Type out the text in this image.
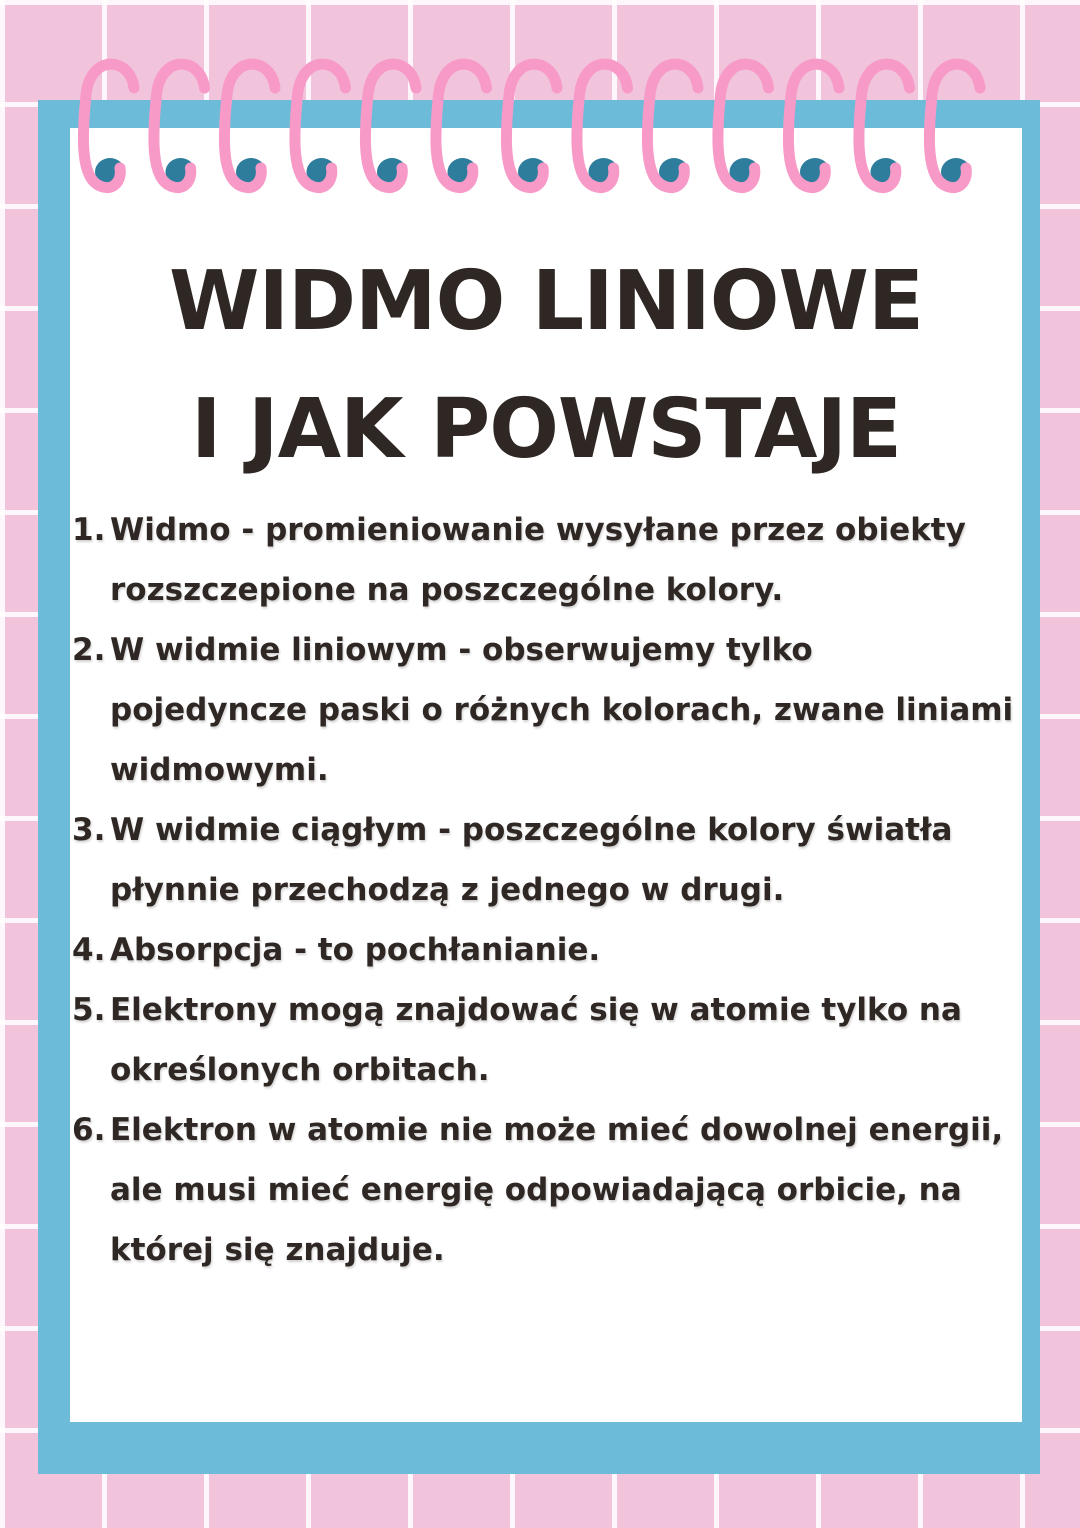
WIDMO LINIOWE
I JAK POWSTAJE
1. Widmo - promieniowanie wysyłane przez obiekty rozszczepione na poszczególne kolory.
2. W widmie liniowym - obserwujemy tylko pojedyncze paski o różnych kolorach, zwane liniami widmowymi.
3. W widmie ciągłym - poszczególne kolory światła płynnie przechodzą z jednego w drugi.
4. Absorpcja - to pochłanianie.
5. Elektrony mogą znajdować się w atomie tylko na określonych orbitach.
6. Elektron w atomie nie może mieć dowolnej energii, ale musi mieć energię odpowiadającą orbicie, na której się znajduje.
